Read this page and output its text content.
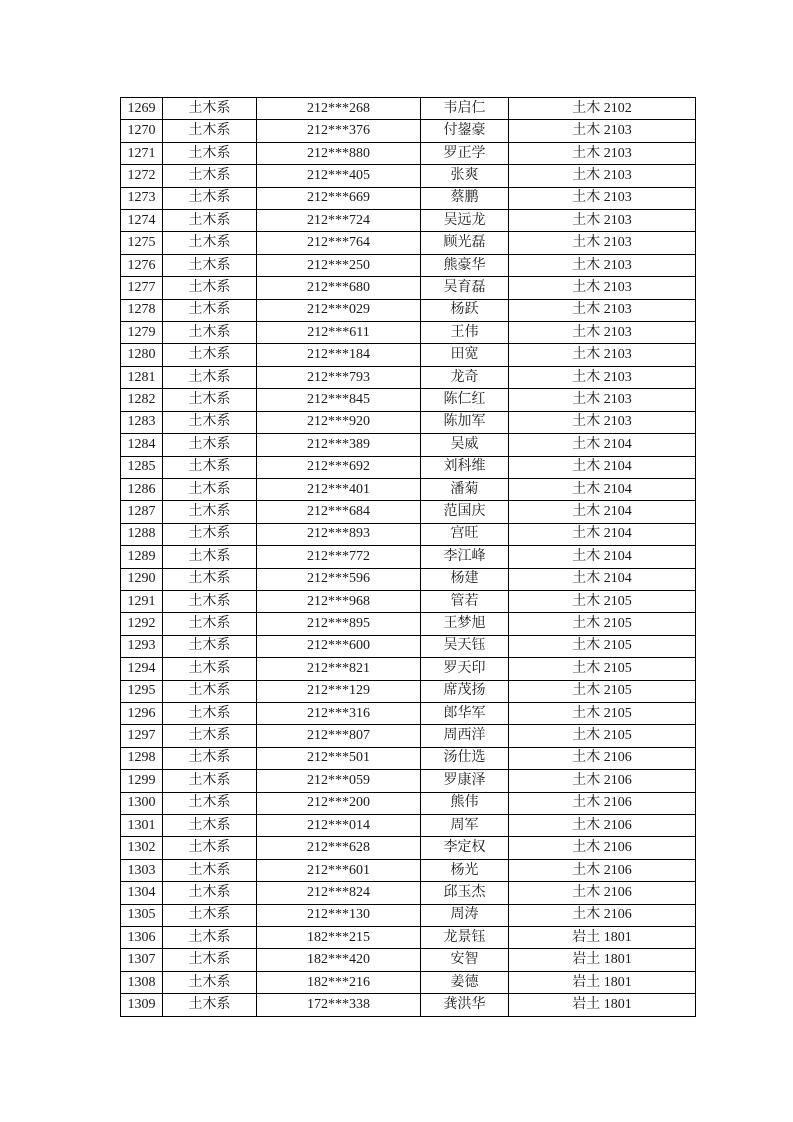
1269	土木系	212***268	韦启仁	土木 2102
1270	土木系	212***376	付鋆豪	土木 2103
1271	土木系	212***880	罗正学	土木 2103
1272	土木系	212***405	张爽	土木 2103
1273	土木系	212***669	蔡鹏	土木 2103
1274	土木系	212***724	吴远龙	土木 2103
1275	土木系	212***764	顾光磊	土木 2103
1276	土木系	212***250	熊豪华	土木 2103
1277	土木系	212***680	吴育磊	土木 2103
1278	土木系	212***029	杨跃	土木 2103
1279	土木系	212***611	王伟	土木 2103
1280	土木系	212***184	田宽	土木 2103
1281	土木系	212***793	龙奇	土木 2103
1282	土木系	212***845	陈仁红	土木 2103
1283	土木系	212***920	陈加军	土木 2103
1284	土木系	212***389	吴威	土木 2104
1285	土木系	212***692	刘科维	土木 2104
1286	土木系	212***401	潘菊	土木 2104
1287	土木系	212***684	范国庆	土木 2104
1288	土木系	212***893	宫旺	土木 2104
1289	土木系	212***772	李江峰	土木 2104
1290	土木系	212***596	杨建	土木 2104
1291	土木系	212***968	管若	土木 2105
1292	土木系	212***895	王梦旭	土木 2105
1293	土木系	212***600	吴天钰	土木 2105
1294	土木系	212***821	罗天印	土木 2105
1295	土木系	212***129	席茂扬	土木 2105
1296	土木系	212***316	郎华军	土木 2105
1297	土木系	212***807	周西洋	土木 2105
1298	土木系	212***501	汤仕选	土木 2106
1299	土木系	212***059	罗康泽	土木 2106
1300	土木系	212***200	熊伟	土木 2106
1301	土木系	212***014	周军	土木 2106
1302	土木系	212***628	李定权	土木 2106
1303	土木系	212***601	杨光	土木 2106
1304	土木系	212***824	邱玉杰	土木 2106
1305	土木系	212***130	周涛	土木 2106
1306	土木系	182***215	龙景钰	岩土 1801
1307	土木系	182***420	安智	岩土 1801
1308	土木系	182***216	姜德	岩土 1801
1309	土木系	172***338	龚洪华	岩土 1801
